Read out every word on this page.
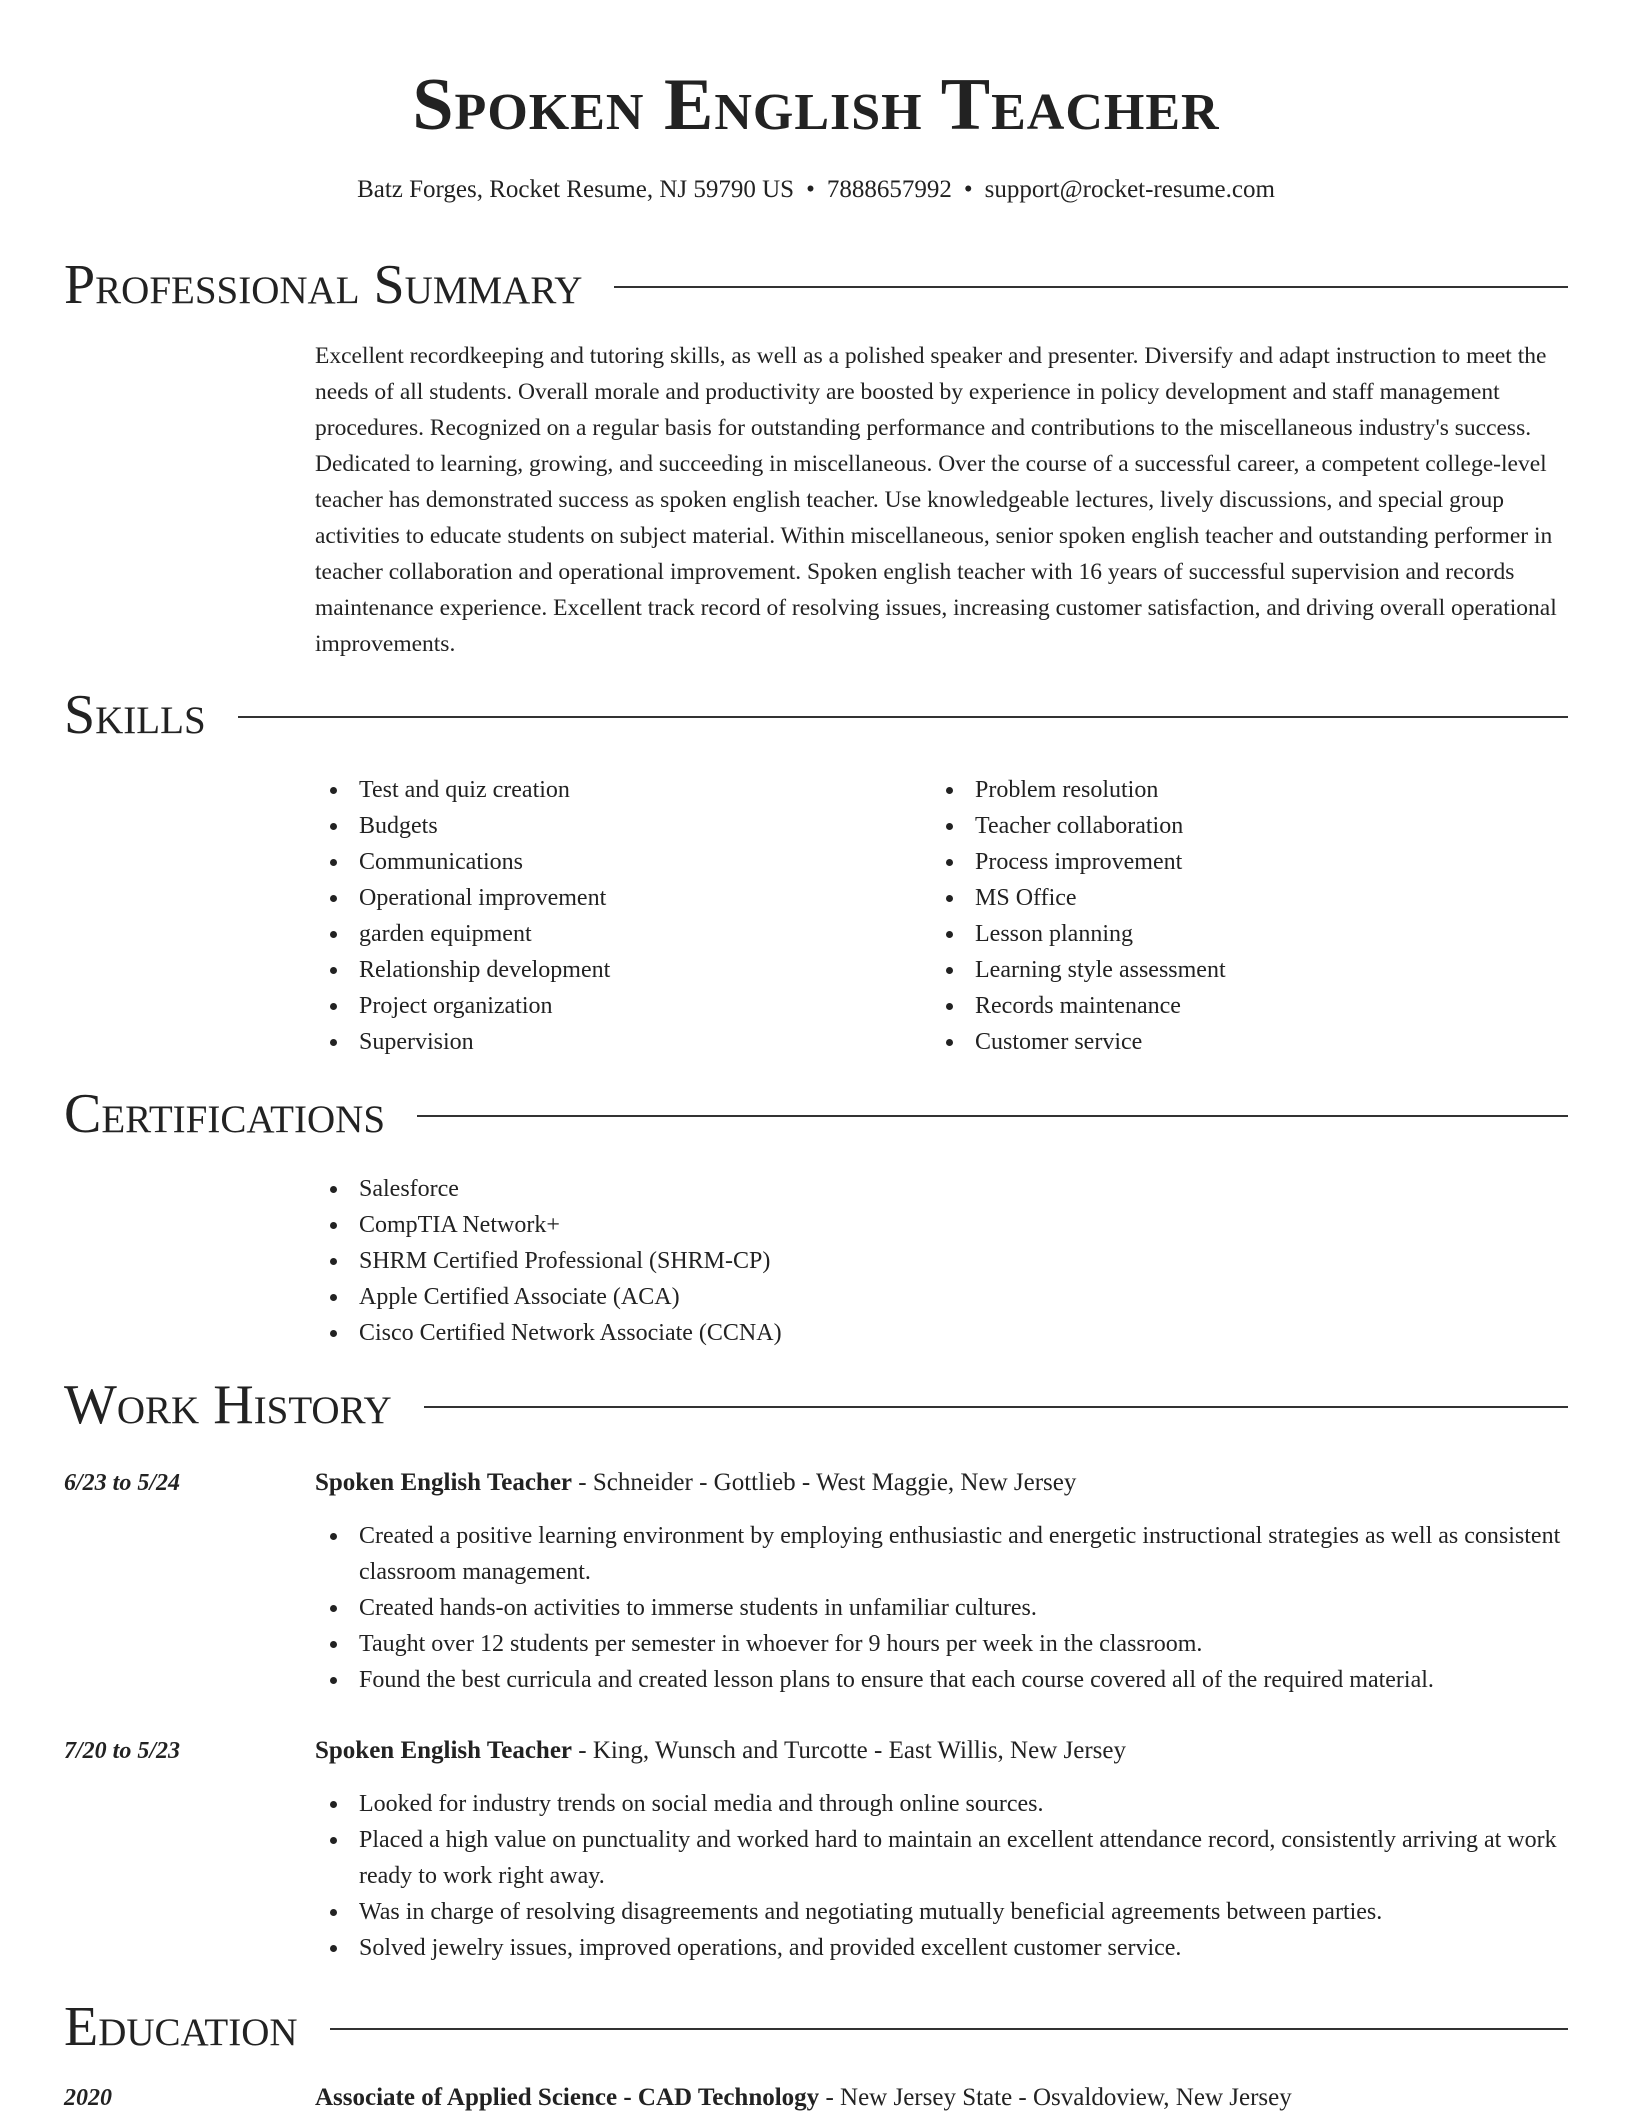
Spoken English Teacher
Batz Forges, Rocket Resume, NJ 59790 US • 7888657992 • support@rocket-resume.com
Professional Summary

Excellent recordkeeping and tutoring skills, as well as a polished speaker and presenter. Diversify and adapt instruction to meet the needs of all students. Overall morale and productivity are boosted by experience in policy development and staff management procedures. Recognized on a regular basis for outstanding performance and contributions to the miscellaneous industry's success. Dedicated to learning, growing, and succeeding in miscellaneous. Over the course of a successful career, a competent college-level teacher has demonstrated success as spoken english teacher. Use knowledgeable lectures, lively discussions, and special group activities to educate students on subject material. Within miscellaneous, senior spoken english teacher and outstanding performer in teacher collaboration and operational improvement. Spoken english teacher with 16 years of successful supervision and records maintenance experience. Excellent track record of resolving issues, increasing customer satisfaction, and driving overall operational improvements.

Skills
Test and quiz creation
Budgets
Communications
Operational improvement
garden equipment
Relationship development
Project organization
Supervision
Problem resolution
Teacher collaboration
Process improvement
MS Office
Lesson planning
Learning style assessment
Records maintenance
Customer service
Certifications
Salesforce
CompTIA Network+
SHRM Certified Professional (SHRM-CP)
Apple Certified Associate (ACA)
Cisco Certified Network Associate (CCNA)
Work History
6/23 to 5/24	Spoken English Teacher - Schneider - Gottlieb - West Maggie, New Jersey
Created a positive learning environment by employing enthusiastic and energetic instructional strategies as well as consistent classroom management.
Created hands-on activities to immerse students in unfamiliar cultures.
Taught over 12 students per semester in whoever for 9 hours per week in the classroom.
Found the best curricula and created lesson plans to ensure that each course covered all of the required material.
7/20 to 5/23	Spoken English Teacher - King, Wunsch and Turcotte - East Willis, New Jersey
Looked for industry trends on social media and through online sources.
Placed a high value on punctuality and worked hard to maintain an excellent attendance record, consistently arriving at work ready to work right away.
Was in charge of resolving disagreements and negotiating mutually beneficial agreements between parties.
Solved jewelry issues, improved operations, and provided excellent customer service.
Education
2020	Associate of Applied Science - CAD Technology - New Jersey State - Osvaldoview, New Jersey
